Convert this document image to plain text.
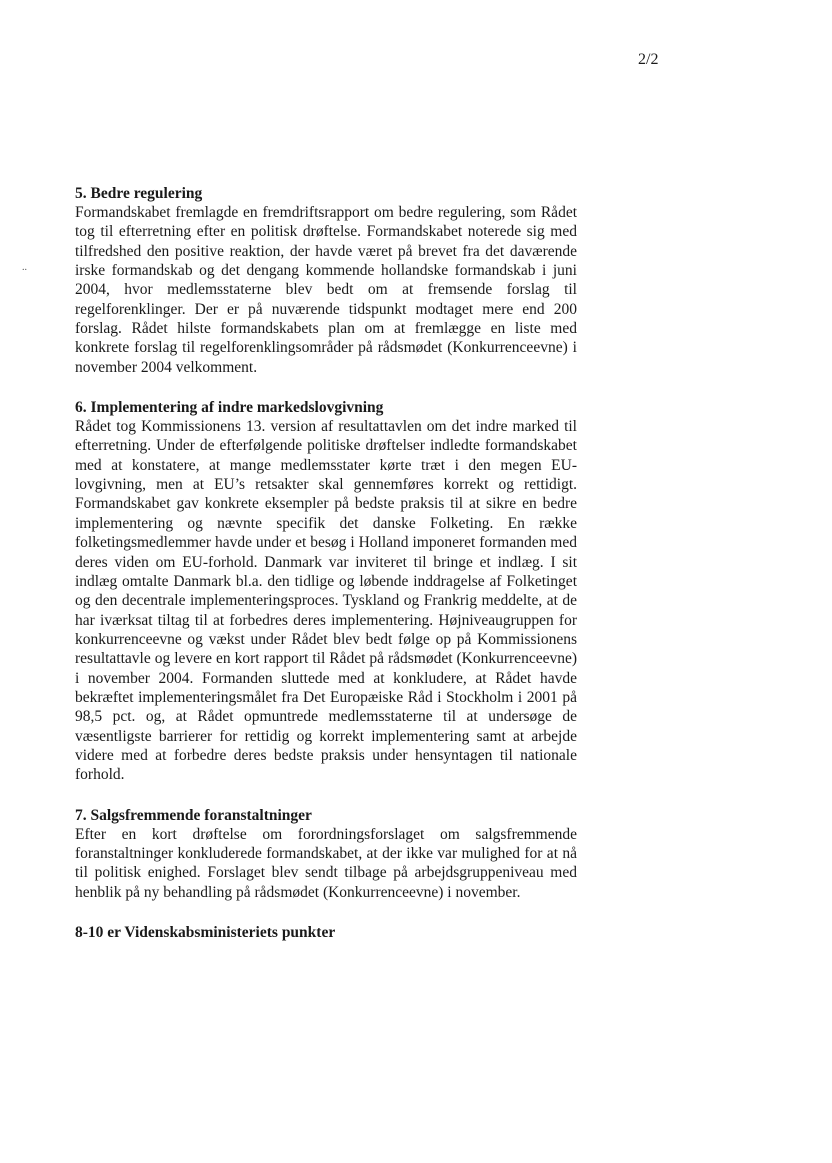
2/2
..
5. Bedre regulering

Formandskabet fremlagde en fremdriftsrapport om bedre regulering, som Rådet tog til efterretning efter en politisk drøftelse. Formandskabet noterede sig med tilfredshed den positive reaktion, der havde været på brevet fra det daværende irske formandskab og det dengang kommende hollandske formandskab i juni 2004, hvor medlemsstaterne blev bedt om at fremsende forslag til regelforenklinger. Der er på nuværende tidspunkt modtaget mere end 200 forslag. Rådet hilste formandskabets plan om at fremlægge en liste med konkrete forslag til regelforenklingsområder på rådsmødet (Konkurrenceevne) i november 2004 velkomment.

6. Implementering af indre markedslovgivning

Rådet tog Kommissionens 13. version af resultattavlen om det indre marked til efterretning. Under de efterfølgende politiske drøftelser indledte formandskabet med at konstatere, at mange medlemsstater kørte træt i den megen EU-lovgivning, men at EU’s retsakter skal gennemføres korrekt og rettidigt. Formandskabet gav konkrete eksempler på bedste praksis til at sikre en bedre implementering og nævnte specifik det danske Folketing. En række folketingsmedlemmer havde under et besøg i Holland imponeret formanden med deres viden om EU-forhold. Danmark var inviteret til bringe et indlæg. I sit indlæg omtalte Danmark bl.a. den tidlige og løbende inddragelse af Folketinget og den decentrale implementeringsproces. Tyskland og Frankrig meddelte, at de har iværksat tiltag til at forbedres deres implementering. Højniveaugruppen for konkurrenceevne og vækst under Rådet blev bedt følge op på Kommissionens resultattavle og levere en kort rapport til Rådet på rådsmødet (Konkurrenceevne) i november 2004. Formanden sluttede med at konkludere, at Rådet havde bekræftet implementeringsmålet fra Det Europæiske Råd i Stockholm i 2001 på 98,5 pct. og, at Rådet opmuntrede medlemsstaterne til at undersøge de væsentligste barrierer for rettidig og korrekt implementering samt at arbejde videre med at forbedre deres bedste praksis under hensyntagen til nationale forhold.

7. Salgsfremmende foranstaltninger

Efter en kort drøftelse om forordningsforslaget om salgsfremmende foranstaltninger konkluderede formandskabet, at der ikke var mulighed for at nå til politisk enighed. Forslaget blev sendt tilbage på arbejdsgruppeniveau med henblik på ny behandling på rådsmødet (Konkurrenceevne) i november.

8-10 er Videnskabsministeriets punkter
